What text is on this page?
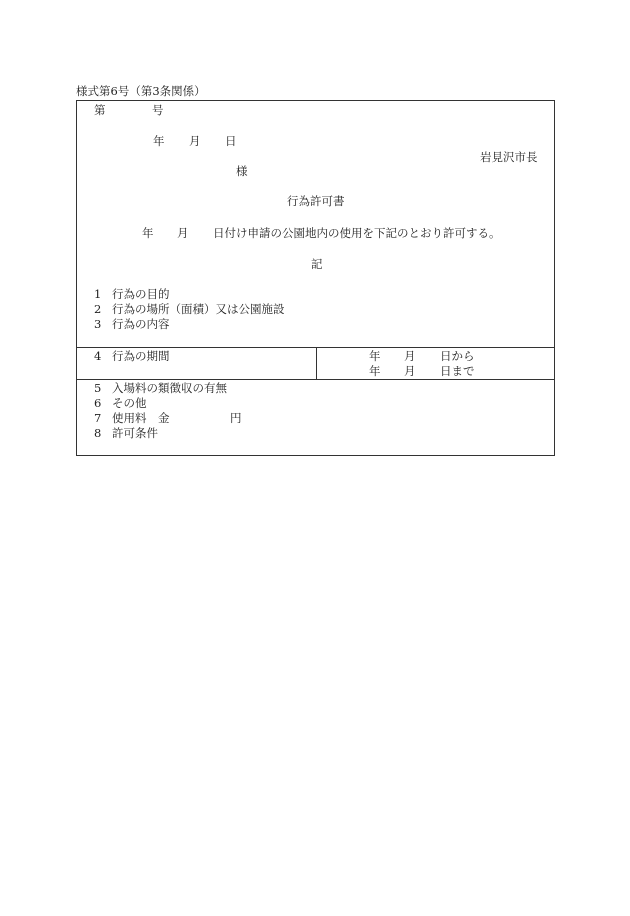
様式第6号（第3条関係）
第	号
年 月 日
岩見沢市長
様
行為許可書
年 月 日付け申請の公園地内の使用を下記のとおり許可する。
記
1 行為の目的
2 行為の場所（面積）又は公園施設
3 行為の内容
4 行為の期間	年 月 日から
年 月 日まで
5 入場料の類徴収の有無
6 その他
7 使用料　金	円
8 許可条件
